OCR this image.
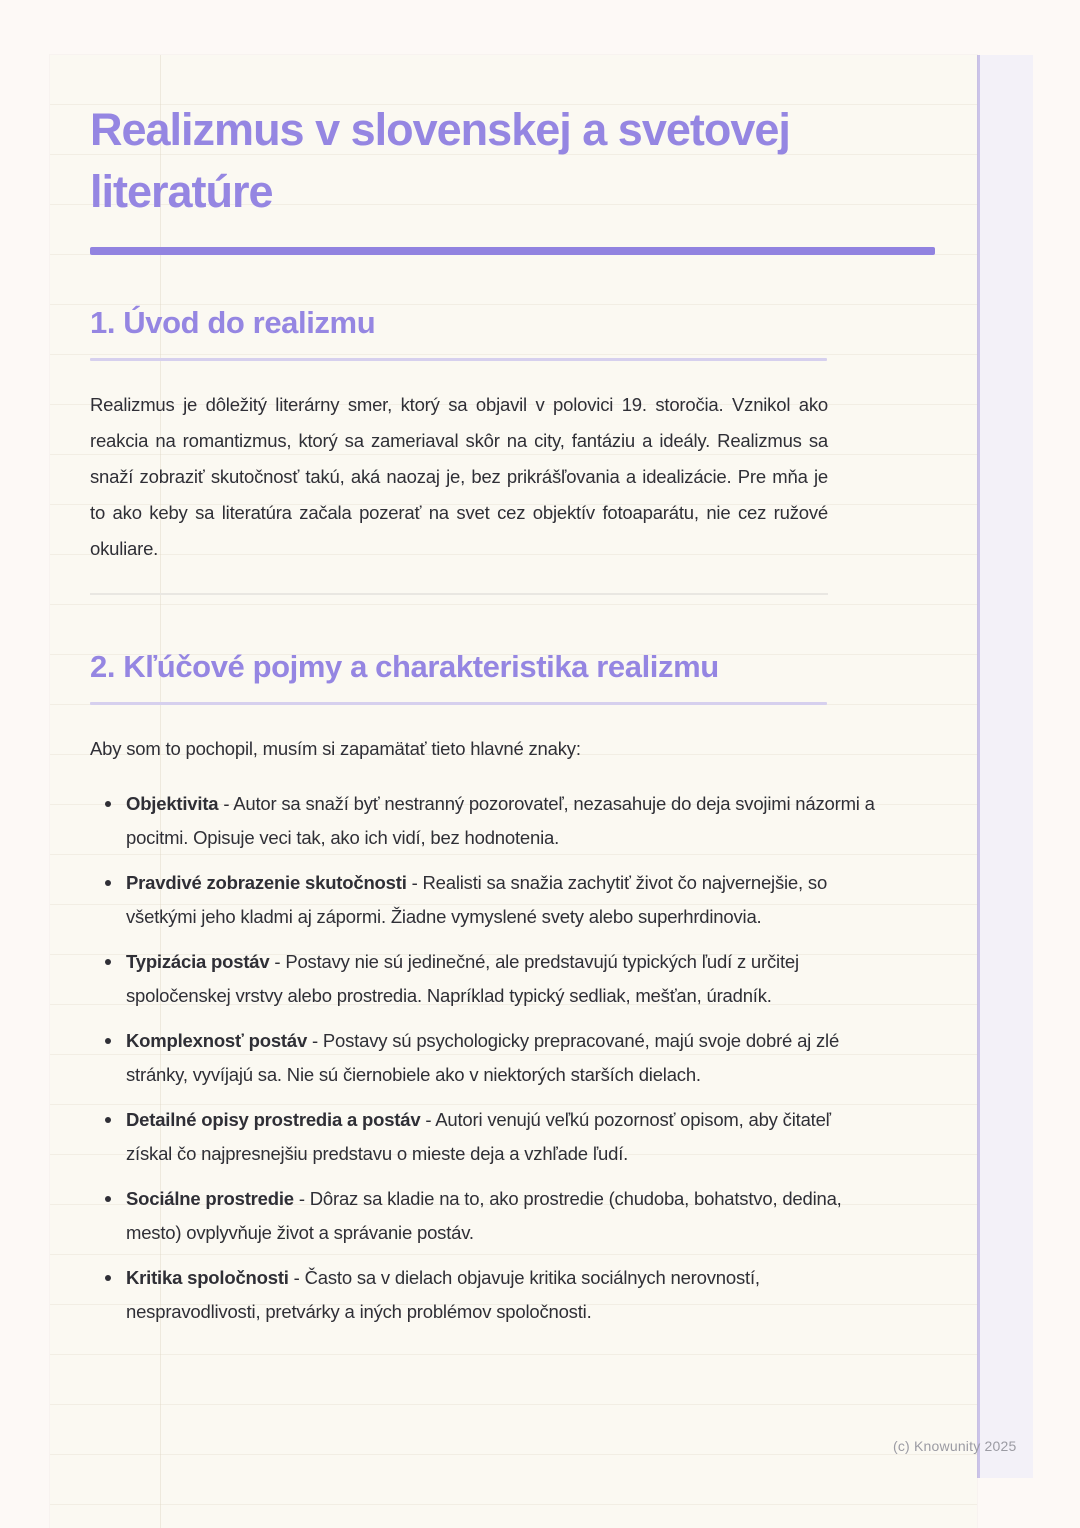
Realizmus v slovenskej a svetovej literatúre
1. Úvod do realizmu

Realizmus je dôležitý literárny smer, ktorý sa objavil v polovici 19. storočia. Vznikol ako reakcia na romantizmus, ktorý sa zameriaval skôr na city, fantáziu a ideály. Realizmus sa snaží zobraziť skutočnosť takú, aká naozaj je, bez prikrášľovania a idealizácie. Pre mňa je to ako keby sa literatúra začala pozerať na svet cez objektív fotoaparátu, nie cez ružové okuliare.

2. Kľúčové pojmy a charakteristika realizmu

Aby som to pochopil, musím si zapamätať tieto hlavné znaky:

Objektivita - Autor sa snaží byť nestranný pozorovateľ, nezasahuje do deja svojimi názormi a pocitmi. Opisuje veci tak, ako ich vidí, bez hodnotenia.
Pravdivé zobrazenie skutočnosti - Realisti sa snažia zachytiť život čo najvernejšie, so všetkými jeho kladmi aj zápormi. Žiadne vymyslené svety alebo superhrdinovia.
Typizácia postáv - Postavy nie sú jedinečné, ale predstavujú typických ľudí z určitej spoločenskej vrstvy alebo prostredia. Napríklad typický sedliak, mešťan, úradník.
Komplexnosť postáv - Postavy sú psychologicky prepracované, majú svoje dobré aj zlé stránky, vyvíjajú sa. Nie sú čiernobiele ako v niektorých starších dielach.
Detailné opisy prostredia a postáv - Autori venujú veľkú pozornosť opisom, aby čitateľ získal čo najpresnejšiu predstavu o mieste deja a vzhľade ľudí.
Sociálne prostredie - Dôraz sa kladie na to, ako prostredie (chudoba, bohatstvo, dedina, mesto) ovplyvňuje život a správanie postáv.
Kritika spoločnosti - Často sa v dielach objavuje kritika sociálnych nerovností, nespravodlivosti, pretvárky a iných problémov spoločnosti.
(c) Knowunity 2025
